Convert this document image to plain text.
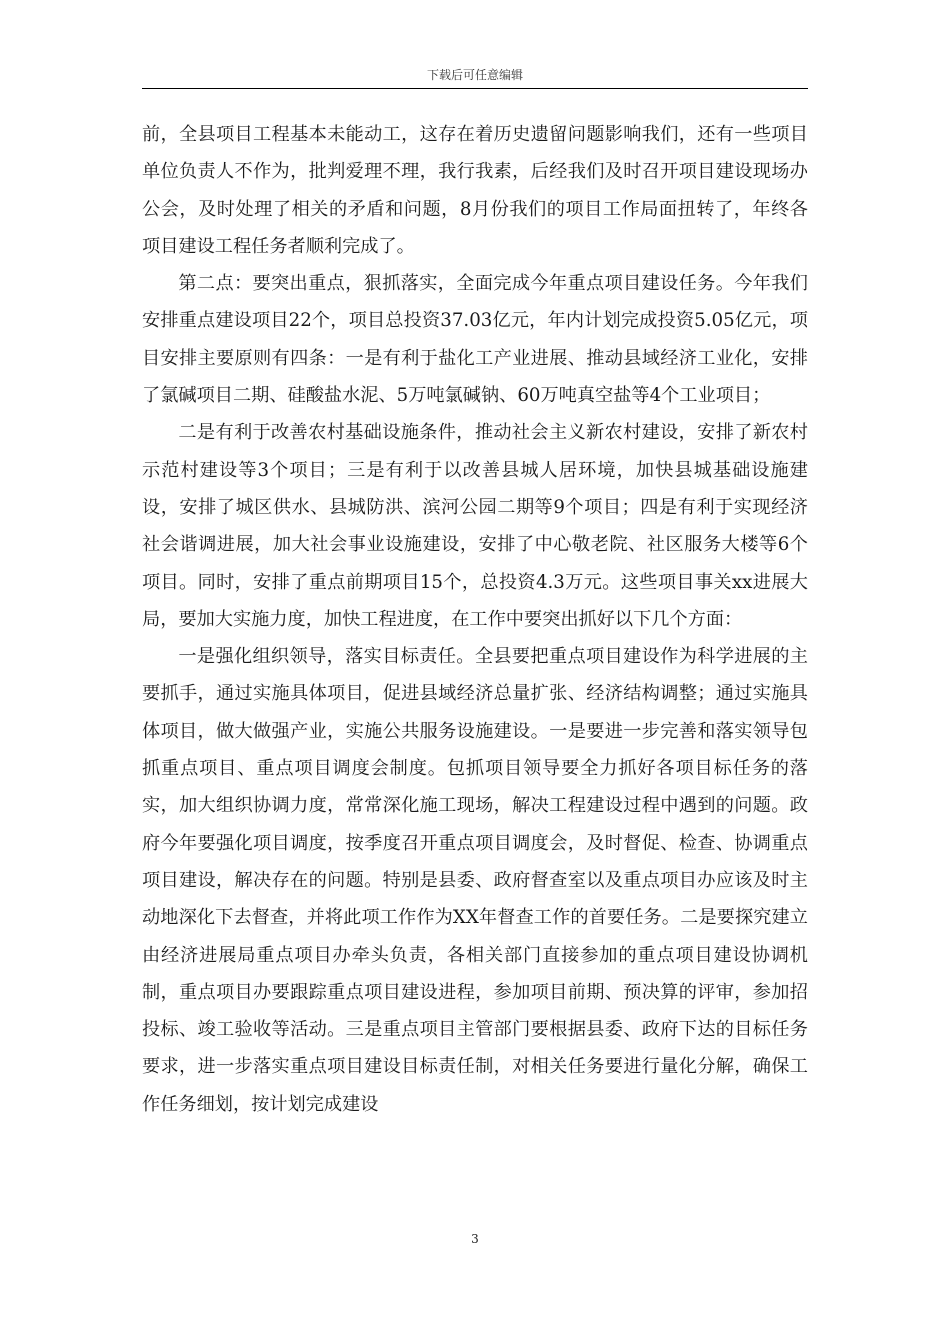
下载后可任意编辑

前，全县项目工程基本未能动工，这存在着历史遗留问题影响我们，还有一些项目单位负责人不作为，批判爱理不理，我行我素，后经我们及时召开项目建设现场办公会，及时处理了相关的矛盾和问题，8月份我们的项目工作局面扭转了，年终各项目建设工程任务者顺利完成了。

第二点：要突出重点，狠抓落实，全面完成今年重点项目建设任务。今年我们安排重点建设项目22个，项目总投资37.03亿元，年内计划完成投资5.05亿元，项目安排主要原则有四条：一是有利于盐化工产业进展、推动县域经济工业化，安排了氯碱项目二期、硅酸盐水泥、5万吨氯碱钠、60万吨真空盐等4个工业项目；

二是有利于改善农村基础设施条件，推动社会主义新农村建设，安排了新农村示范村建设等3个项目；三是有利于以改善县城人居环境，加快县城基础设施建设，安排了城区供水、县城防洪、滨河公园二期等9个项目；四是有利于实现经济社会谐调进展，加大社会事业设施建设，安排了中心敬老院、社区服务大楼等6个项目。同时，安排了重点前期项目15个，总投资4.3万元。这些项目事关xx进展大局，要加大实施力度，加快工程进度，在工作中要突出抓好以下几个方面：

一是强化组织领导，落实目标责任。全县要把重点项目建设作为科学进展的主要抓手，通过实施具体项目，促进县域经济总量扩张、经济结构调整；通过实施具体项目，做大做强产业，实施公共服务设施建设。一是要进一步完善和落实领导包抓重点项目、重点项目调度会制度。包抓项目领导要全力抓好各项目标任务的落实，加大组织协调力度，常常深化施工现场，解决工程建设过程中遇到的问题。政府今年要强化项目调度，按季度召开重点项目调度会，及时督促、检查、协调重点项目建设，解决存在的问题。特别是县委、政府督查室以及重点项目办应该及时主动地深化下去督查，并将此项工作作为XX年督查工作的首要任务。二是要探究建立由经济进展局重点项目办牵头负责，各相关部门直接参加的重点项目建设协调机制，重点项目办要跟踪重点项目建设进程，参加项目前期、预决算的评审，参加招投标、竣工验收等活动。三是重点项目主管部门要根据县委、政府下达的目标任务要求，进一步落实重点项目建设目标责任制，对相关任务要进行量化分解，确保工作任务细划，按计划完成建设

3
